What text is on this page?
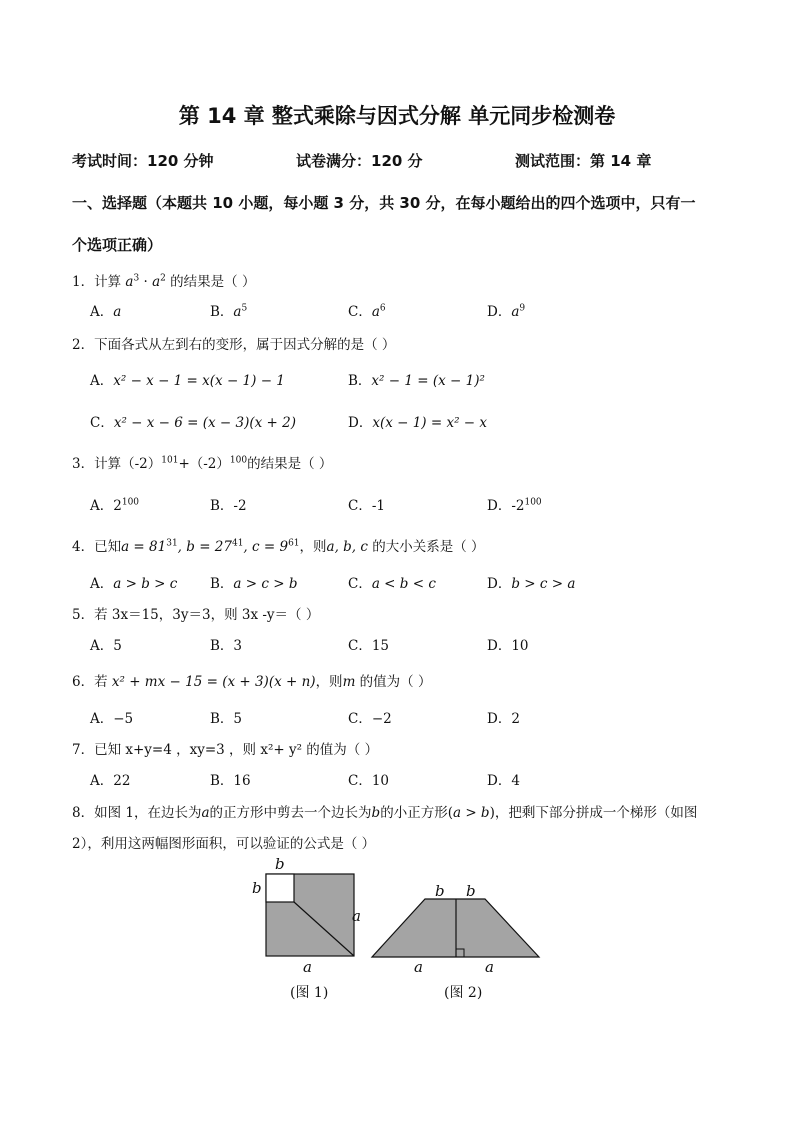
第 14 章 整式乘除与因式分解 单元同步检测卷
考试时间：120 分钟	试卷满分：120 分	测试范围：第 14 章
一、选择题（本题共 10 小题，每小题 3 分，共 30 分，在每小题给出的四个选项中，只有一
个选项正确）
1．计算 $a^3 \cdot a^2$ 的结果是（ ）
A．a	B．$a^5$	C．$a^6$	D．$a^9$
2．下面各式从左到右的变形，属于因式分解的是（ ）
A．x² − x − 1 = x(x − 1) − 1	B．x² − 1 = (x − 1)²
C．x² − x − 6 = (x − 3)(x + 2)	D．x(x − 1) = x² − x
3．计算$(-2)^{101}+(-2)^{100}$的结果是（ ）
A．$2^{100}$	B．-2	C．-1	D．$-2^{100}$
4．已知$a = 81^{31}$, $b = 27^{41}$, $c = 9^{61}$，则a, b, c 的大小关系是（ ）
A．a > b > c B．a > c > b	C．a < b < c	D．b > c > a
5．若 3x＝15，3y＝3，则 3x -y＝（ ）
A．5	B．3	C．15	D．10
6．若 x² + mx − 15 = (x + 3)(x + n)，则m 的值为（ ）
A．−5	B．5	C．−2	D．2
7．已知 x+y=4 ，xy=3 ，则 x²+ y² 的值为（ ）
A．22	B．16	C．10	D．4
8．如图 1，在边长为a的正方形中剪去一个边长为b的小正方形(a > b)，把剩下部分拼成一个梯形（如图
2），利用这两幅图形面积，可以验证的公式是（ ）
b
b
a
a
(图 1)
b b
a	a
(图 2)
